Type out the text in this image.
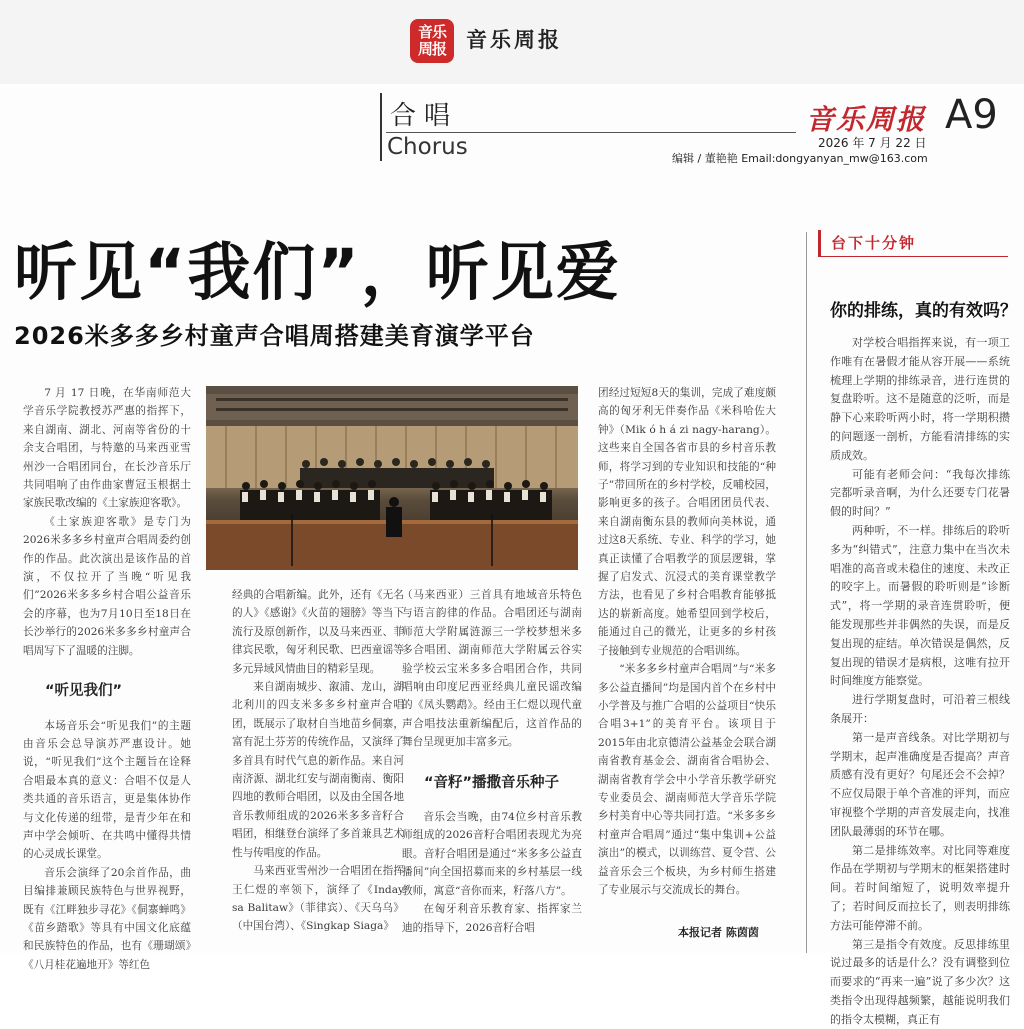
音乐
周报 音乐周报
合唱
Chorus
音乐周报 A9
2026 年 7 月 22 日
编辑 / 董艳艳 Email:dongyanyan_mw@163.com
听见“我们”，听见爱
2026米多多乡村童声合唱周搭建美育演学平台

7 月 17 日晚，在华南师范大学音乐学院教授苏严惠的指挥下，来自湖南、湖北、河南等省份的十余支合唱团，与特邀的马来西亚雪州沙一合唱团同台，在长沙音乐厅共同唱响了由作曲家曹冠玉根据土家族民歌改编的《土家族迎客歌》。

《土家族迎客歌》是专门为2026米多多乡村童声合唱周委约创作的作品。此次演出是该作品的首演，不仅拉开了当晚“听见我们”2026米多多乡村合唱公益音乐会的序幕，也为7月10日至18日在长沙举行的2026米多多乡村童声合唱周写下了温暖的注脚。

“听见我们”

本场音乐会“听见我们”的主题由音乐会总导演苏严惠设计。她说，“听见我们”这个主题旨在诠释合唱最本真的意义：合唱不仅是人类共通的音乐语言，更是集体协作与文化传递的纽带，是青少年在和声中学会倾听、在共鸣中懂得共情的心灵成长课堂。

音乐会演绎了20余首作品，曲目编排兼顾民族特色与世界视野，既有《江畔独步寻花》《侗寨蝉鸣》《苗乡踏歌》等具有中国文化底蕴和民族特色的作品，也有《珊瑚颂》《八月桂花遍地开》等红色

经典的合唱新编。此外，还有《无名的人》《感谢》《火苗的翅膀》等当下流行及原创新作，以及马来西亚、菲律宾民歌，匈牙利民歌、巴西童谣等多元异域风情曲目的精彩呈现。

来自湖南城步、溆浦、龙山，湖北利川的四支米多多乡村童声合唱团，既展示了取材自当地苗乡侗寨，富有泥土芬芳的传统作品，又演绎了多首具有时代气息的新作品。来自河南济源、湖北红安与湖南衡南、衡阳四地的教师合唱团，以及由全国各地音乐教师组成的2026米多多音籽合唱团，相继登台演绎了多首兼具艺术性与传唱度的作品。

马来西亚雪州沙一合唱团在指挥王仁煜的率领下，演绎了《Inday sa Balitaw》（菲律宾）、《天乌乌》（中国台湾）、《Singkap Siaga》

（马来西亚）三首具有地域音乐特色与语言韵律的作品。合唱团还与湖南师范大学附属涟源三一学校梦想米多多合唱团、湖南师范大学附属云谷实验学校云宝米多多合唱团合作，共同唱响由印度尼西亚经典儿童民谣改编的《凤头鹦鹉》。经由王仁煜以现代童声合唱技法重新编配后，这首作品的舞台呈现更加丰富多元。

“音籽”播撒音乐种子

音乐会当晚，由74位乡村音乐教师组成的2026音籽合唱团表现尤为亮眼。音籽合唱团是通过“米多多公益直播间”向全国招募而来的乡村基层一线教师，寓意“音你而来，籽落八方”。

在匈牙利音乐教育家、指挥家兰迪的指导下，2026音籽合唱

团经过短短8天的集训，完成了难度颇高的匈牙利无伴奏作品《米科哈佐大钟》（Mik ó h á zi nagy-harang）。这些来自全国各省市县的乡村音乐教师，将学习到的专业知识和技能的“种子”带回所在的乡村学校，反哺校园，影响更多的孩子。合唱团团员代表、来自湖南衡东县的教师向美林说，通过这8天系统、专业、科学的学习，她真正读懂了合唱教学的顶层逻辑，掌握了启发式、沉浸式的美育课堂教学方法，也看见了乡村合唱教育能够抵达的崭新高度。她希望回到学校后，能通过自己的微光，让更多的乡村孩子接触到专业规范的合唱训练。

“米多多乡村童声合唱周”与“米多多公益直播间”均是国内首个在乡村中小学普及与推广合唱的公益项目“快乐合唱3+1”的美育平台。该项目于2015年由北京德清公益基金会联合湖南省教育基金会、湖南省合唱协会、湖南省教育学会中小学音乐教学研究专业委员会、湖南师范大学音乐学院乡村美育中心等共同打造。“米多多乡村童声合唱周”通过“集中集训+公益演出”的模式，以训练营、夏令营、公益音乐会三个板块，为乡村师生搭建了专业展示与交流成长的舞台。

本报记者 陈茵茵
台下十分钟
你的排练，真的有效吗？

对学校合唱指挥来说，有一项工作唯有在暑假才能从容开展——系统梳理上学期的排练录音，进行连贯的复盘聆听。这不是随意的泛听，而是静下心来聆听两小时，将一学期积攒的问题逐一剖析，方能看清排练的实质成效。

可能有老师会问：“我每次排练完都听录音啊，为什么还要专门花暑假的时间？”

两种听，不一样。排练后的聆听多为“纠错式”，注意力集中在当次未唱准的高音或未稳住的速度、未改正的咬字上。而暑假的聆听则是“诊断式”，将一学期的录音连贯聆听，便能发现那些并非偶然的失误，而是反复出现的症结。单次错误是偶然，反复出现的错误才是病根，这唯有拉开时间维度方能察觉。

进行学期复盘时，可沿着三根线条展开：

第一是声音线条。对比学期初与学期末，起声准确度是否提高？声音质感有没有更好？句尾还会不会掉？不应仅局限于单个音准的评判，而应审视整个学期的声音发展走向，找准团队最薄弱的环节在哪。

第二是排练效率。对比同等难度作品在学期初与学期末的框架搭建时间。若时间缩短了，说明效率提升了；若时间反而拉长了，则表明排练方法可能停滞不前。

第三是指令有效度。反思排练里说过最多的话是什么？没有调整到位而要求的“再来一遍”说了多少次？这类指令出现得越频繁，越能说明我们的指令太模糊，真正有
